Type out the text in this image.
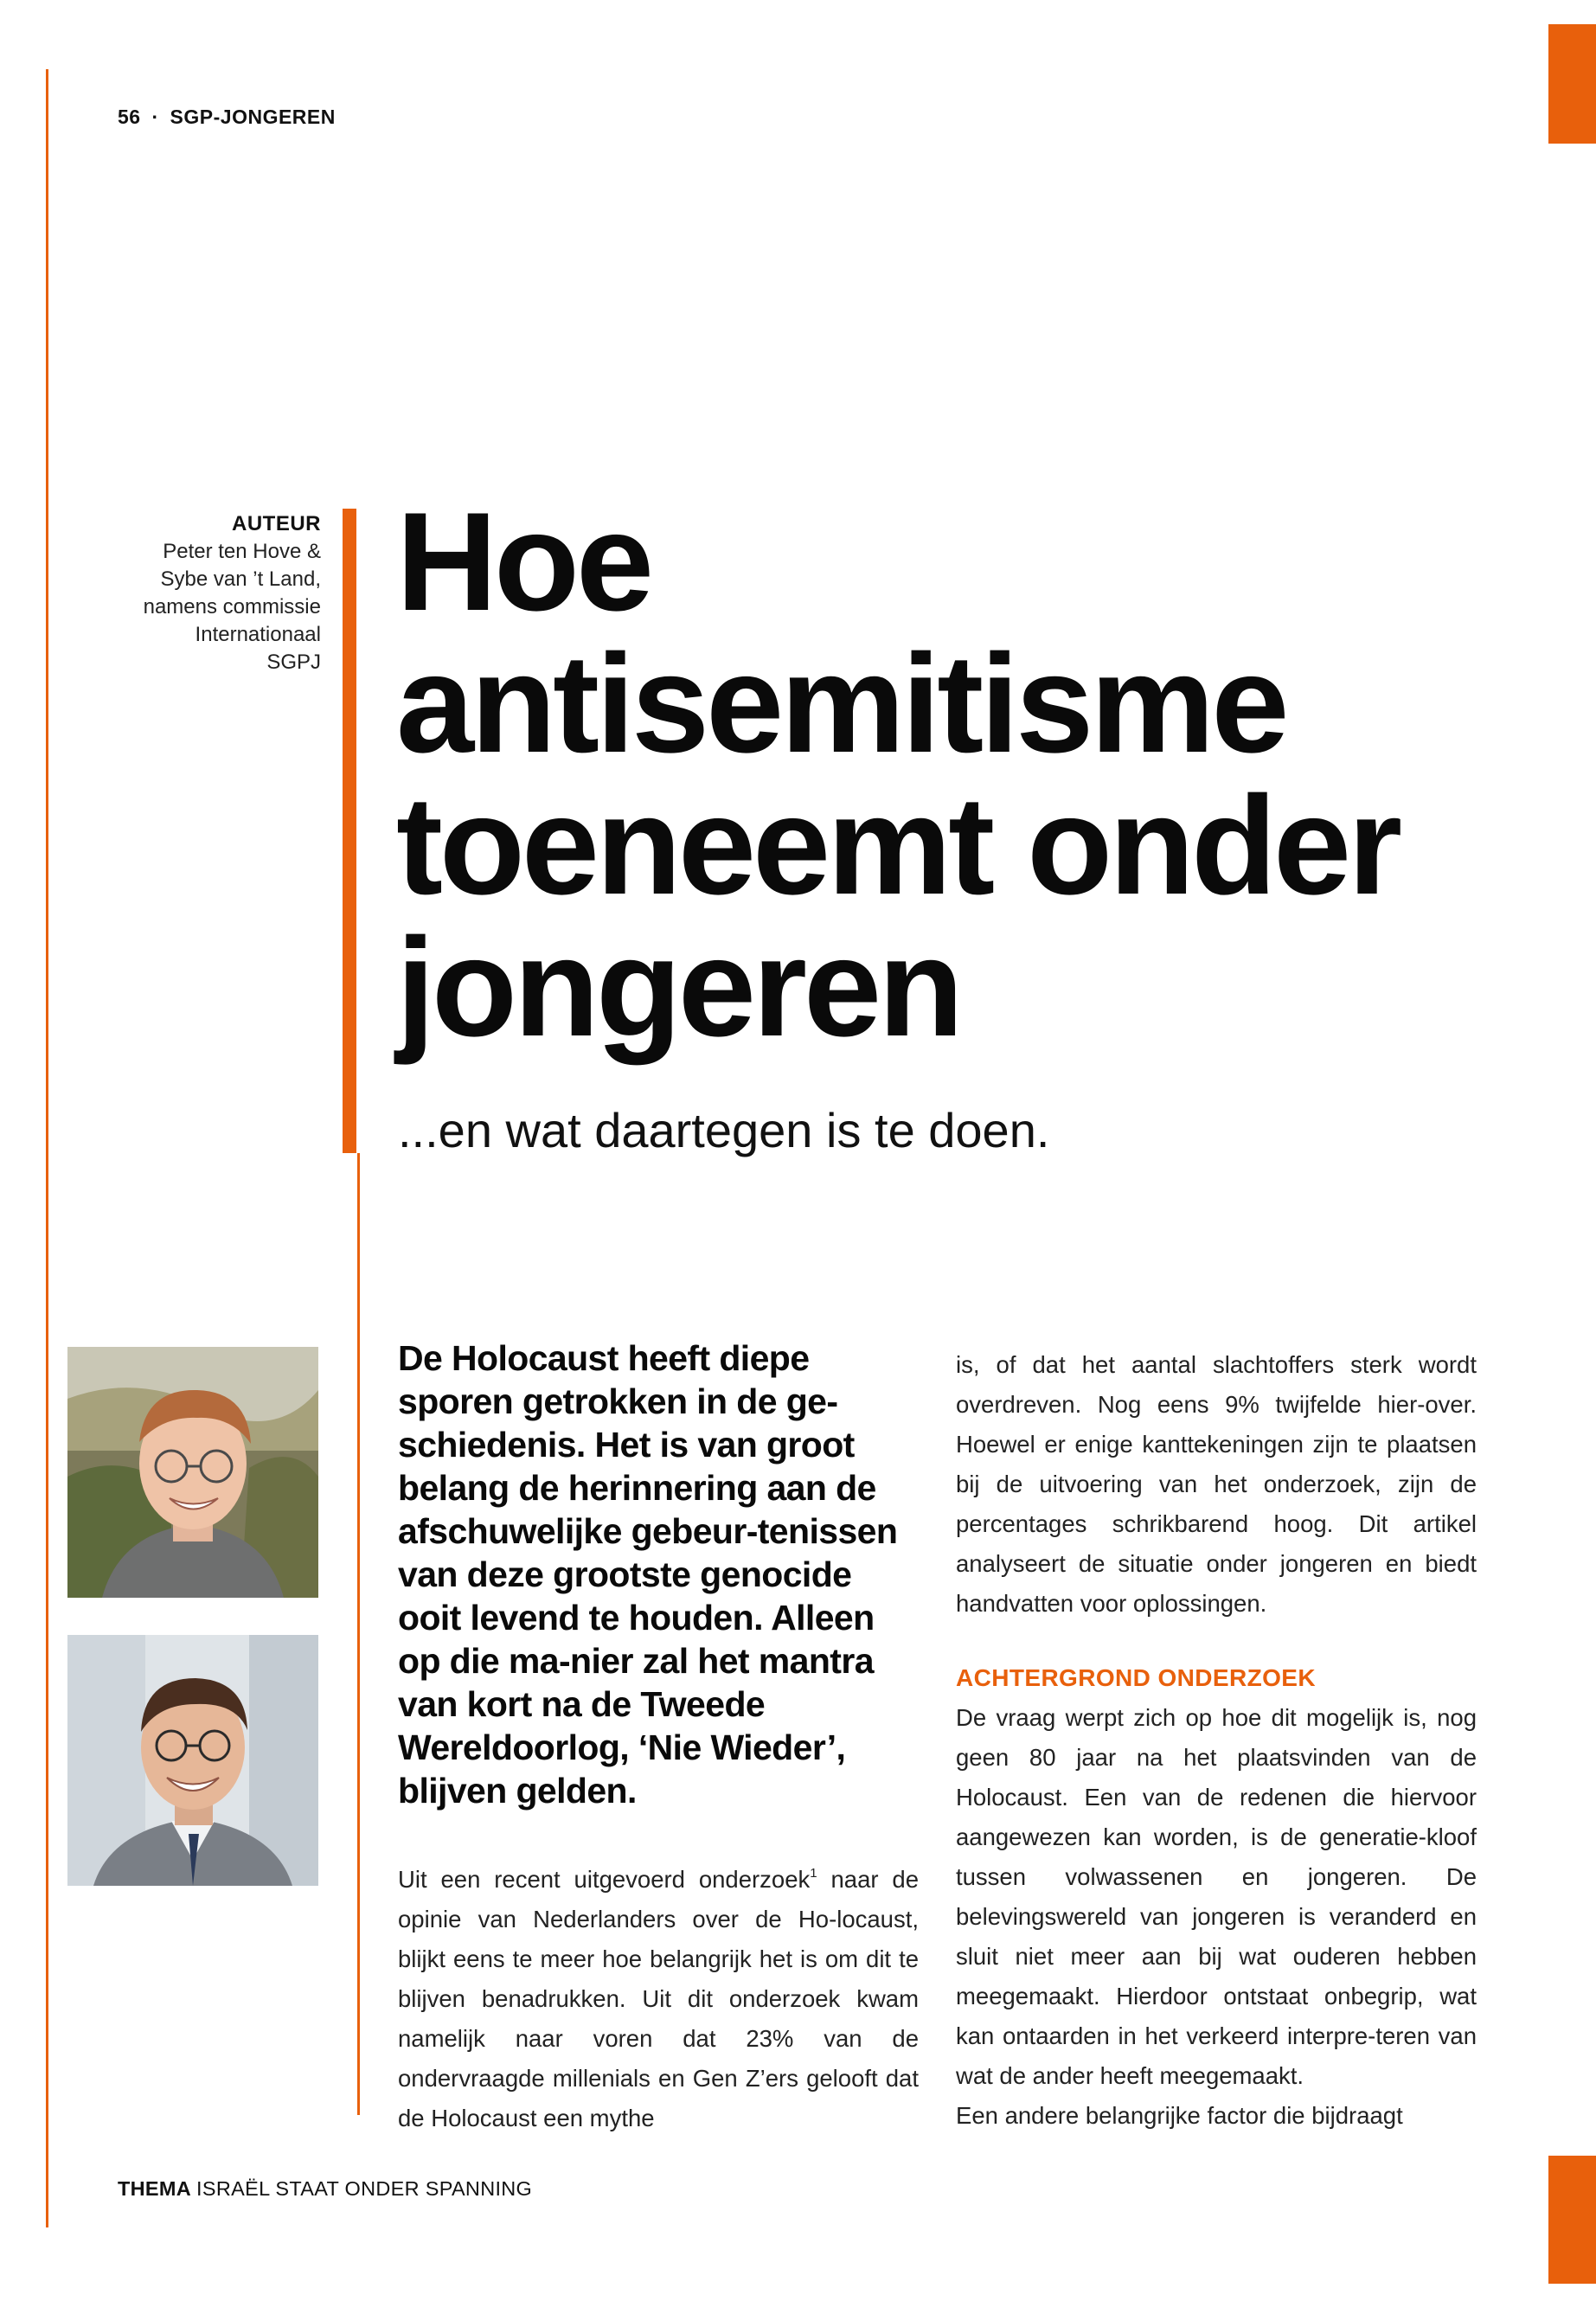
56 · SGP-JONGEREN
AUTEUR
Peter ten Hove &
Sybe van ’t Land,
namens commissie
Internationaal
SGPJ
Hoe
antisemitisme
toeneemt onder
jongeren
...en wat daartegen is te doen.
De Holocaust heeft diepe sporen getrokken in de ge-schiedenis. Het is van groot belang de herinnering aan de afschuwelijke gebeur-tenissen van deze grootste genocide ooit levend te houden. Alleen op die ma-nier zal het mantra van kort na de Tweede Wereldoorlog, ‘Nie Wieder’, blijven gelden.

Uit een recent uitgevoerd onderzoek$^1$ naar de opinie van Nederlanders over de Ho-locaust, blijkt eens te meer hoe belangrijk het is om dit te blijven benadrukken. Uit dit onderzoek kwam namelijk naar voren dat 23% van de ondervraagde millenials en Gen Z’ers gelooft dat de Holocaust een mythe

is, of dat het aantal slachtoffers sterk wordt overdreven. Nog eens 9% twijfelde hier-over. Hoewel er enige kanttekeningen zijn te plaatsen bij de uitvoering van het onderzoek, zijn de percentages schrikbarend hoog. Dit artikel analyseert de situatie onder jongeren en biedt handvatten voor oplossingen.

ACHTERGROND ONDERZOEK

De vraag werpt zich op hoe dit mogelijk is, nog geen 80 jaar na het plaatsvinden van de Holocaust. Een van de redenen die hiervoor aangewezen kan worden, is de generatie-kloof tussen volwassenen en jongeren. De belevingswereld van jongeren is veranderd en sluit niet meer aan bij wat ouderen hebben meegemaakt. Hierdoor ontstaat onbegrip, wat kan ontaarden in het verkeerd interpre-teren van wat de ander heeft meegemaakt.

Een andere belangrijke factor die bijdraagt

THEMA ISRAËL STAAT ONDER SPANNING
